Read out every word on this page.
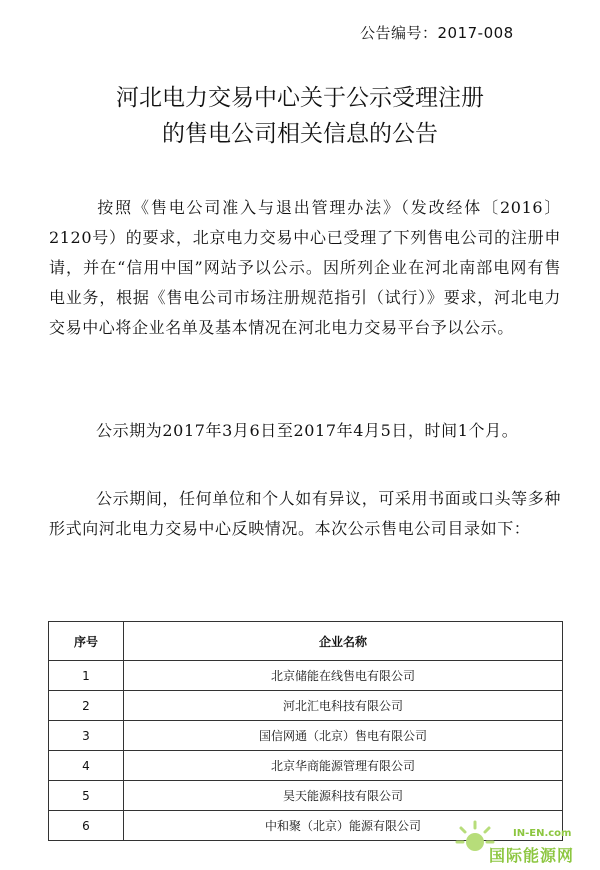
公告编号：2017-008
河北电力交易中心关于公示受理注册
的售电公司相关信息的公告
按照《售电公司准入与退出管理办法》（发改经体〔2016〕2120号）的要求，北京电力交易中心已受理了下列售电公司的注册申请，并在“信用中国”网站予以公示。因所列企业在河北南部电网有售电业务，根据《售电公司市场注册规范指引（试行）》要求，河北电力交易中心将企业名单及基本情况在河北电力交易平台予以公示。
公示期为2017年3月6日至2017年4月5日，时间1个月。
公示期间，任何单位和个人如有异议，可采用书面或口头等多种形式向河北电力交易中心反映情况。本次公示售电公司目录如下：
序号	企业名称
1	北京储能在线售电有限公司
2	河北汇电科技有限公司
3	国信网通（北京）售电有限公司
4	北京华商能源管理有限公司
5	昊天能源科技有限公司
6	中和聚（北京）能源有限公司
IN-EN.com
国际能源网
